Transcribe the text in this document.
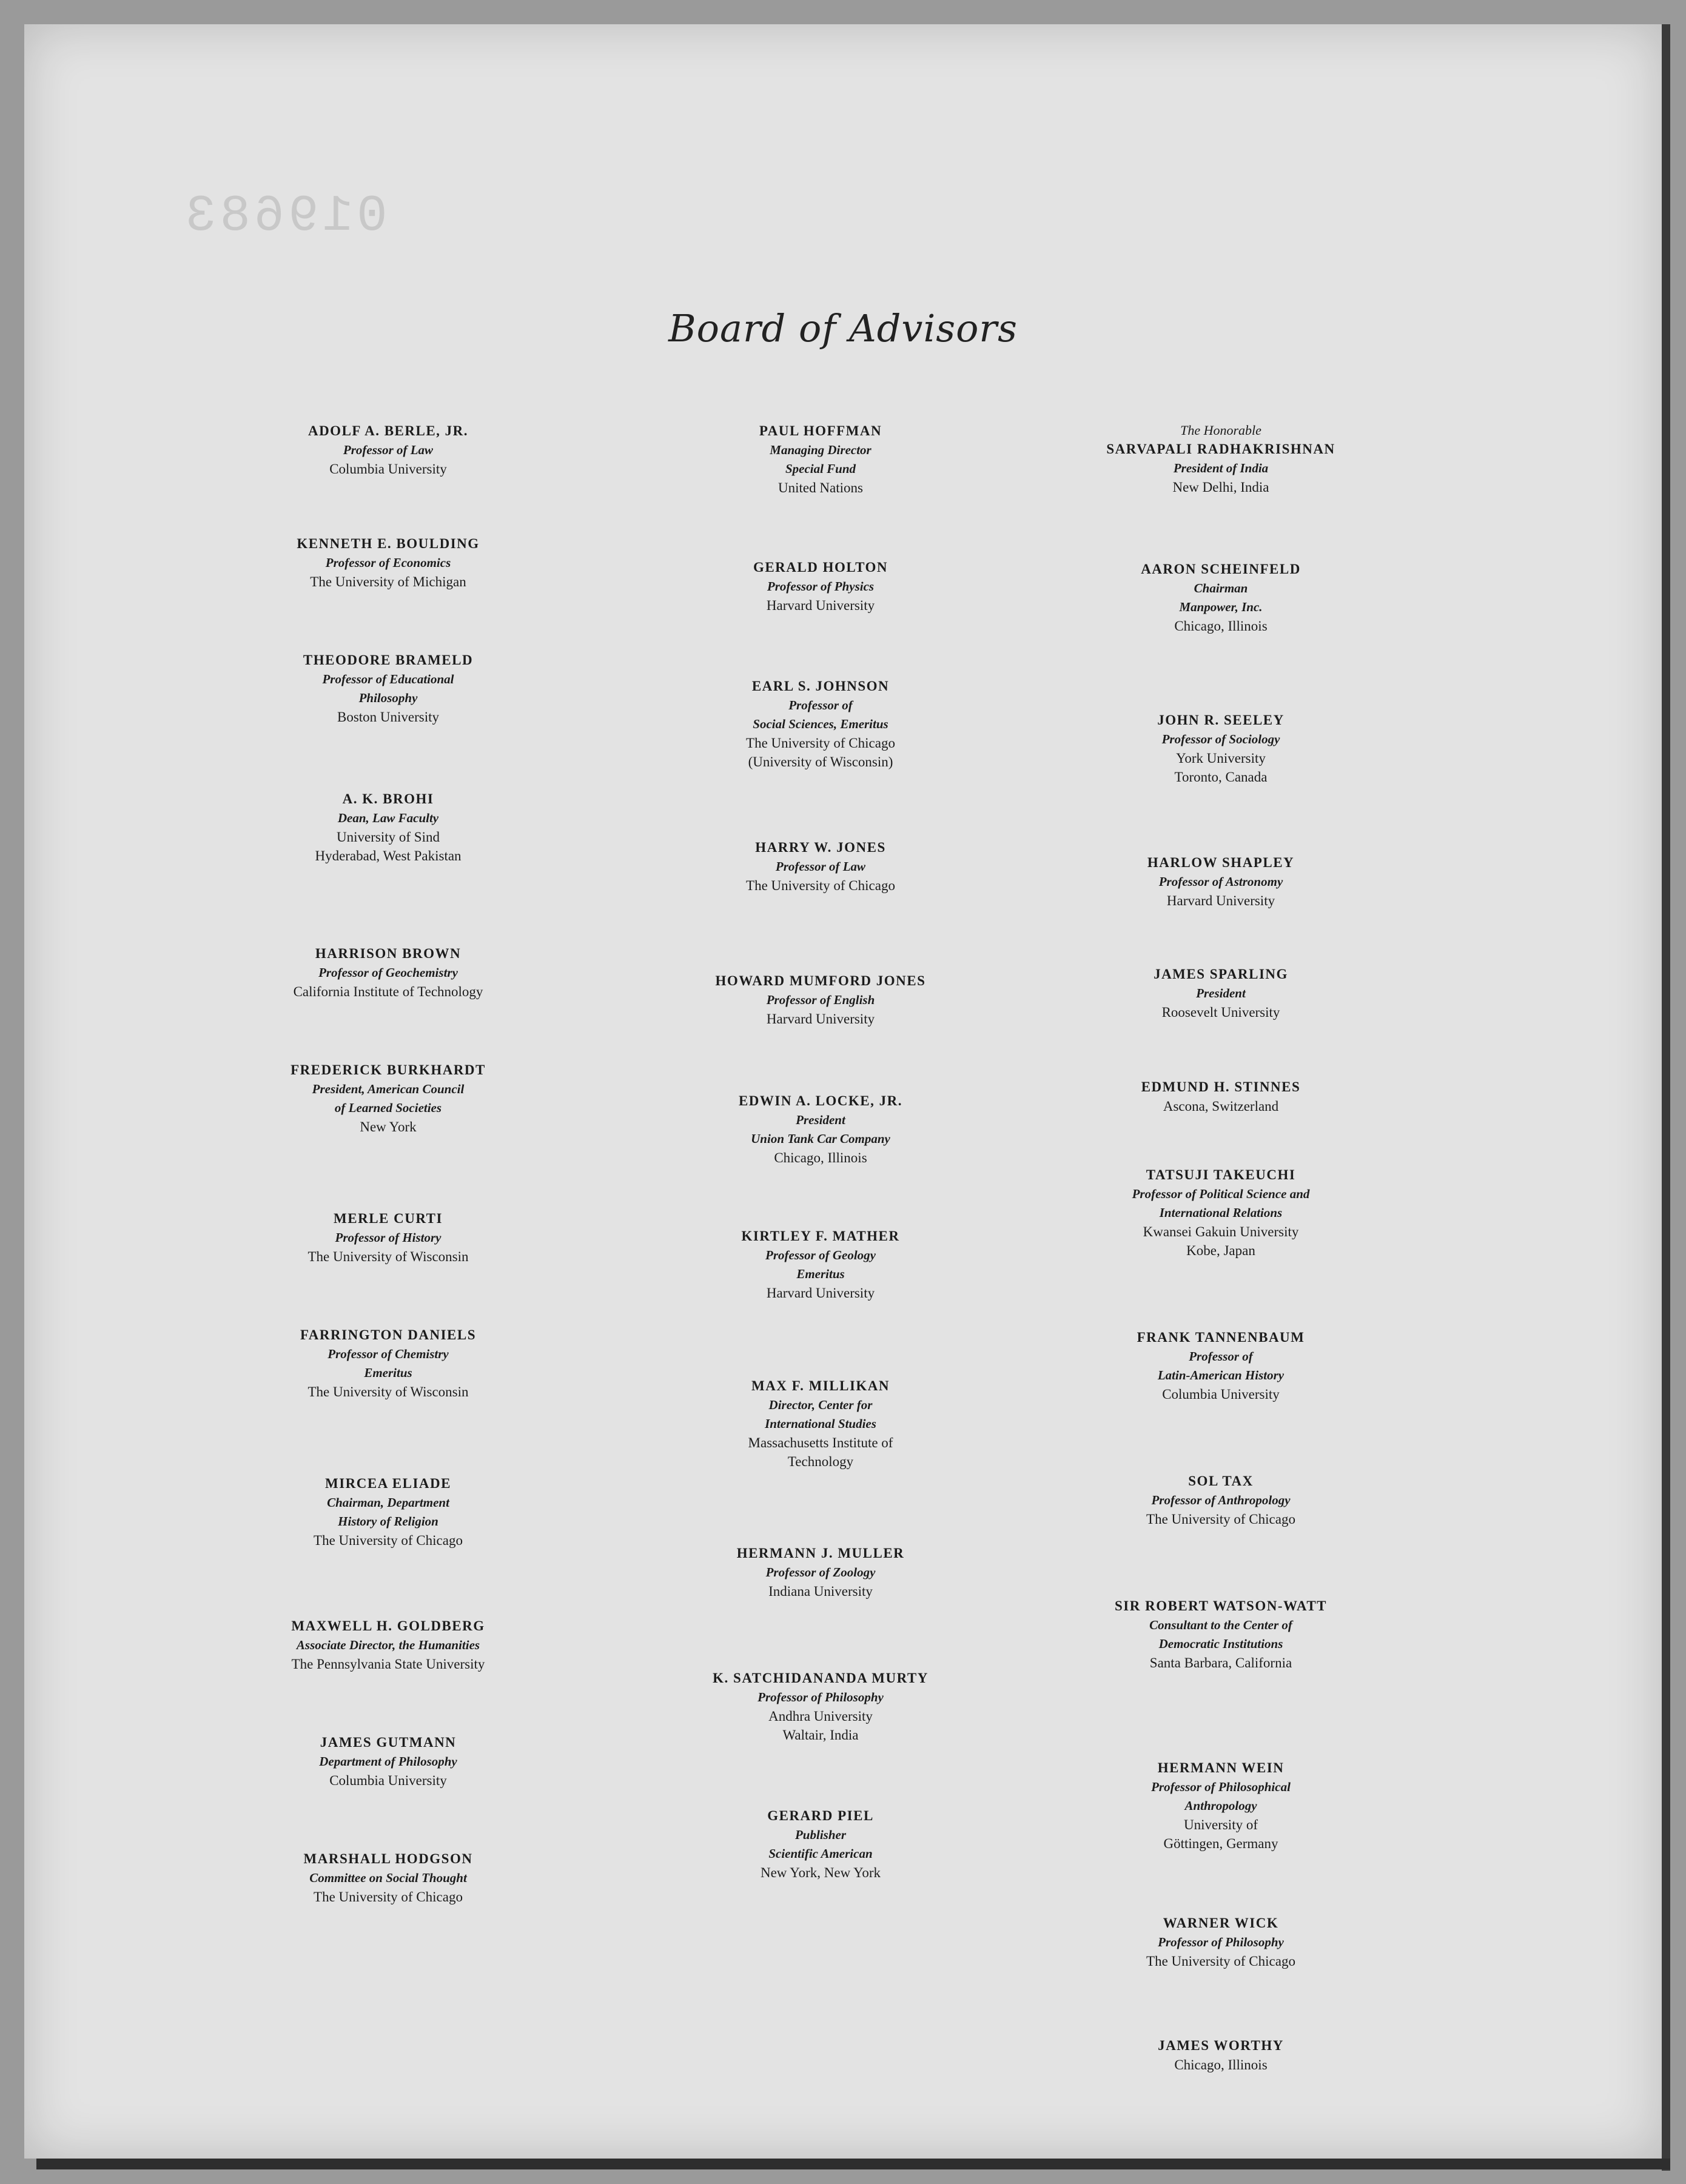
019683
Board of Advisors
ADOLF A. BERLE, JR.
Professor of Law
Columbia University
KENNETH E. BOULDING
Professor of Economics
The University of Michigan
THEODORE BRAMELD
Professor of Educational
Philosophy
Boston University
A. K. BROHI
Dean, Law Faculty
University of Sind
Hyderabad, West Pakistan
HARRISON BROWN
Professor of Geochemistry
California Institute of Technology
FREDERICK BURKHARDT
President, American Council
of Learned Societies
New York
MERLE CURTI
Professor of History
The University of Wisconsin
FARRINGTON DANIELS
Professor of Chemistry
Emeritus
The University of Wisconsin
MIRCEA ELIADE
Chairman, Department
History of Religion
The University of Chicago
MAXWELL H. GOLDBERG
Associate Director, the Humanities
The Pennsylvania State University
JAMES GUTMANN
Department of Philosophy
Columbia University
MARSHALL HODGSON
Committee on Social Thought
The University of Chicago
PAUL HOFFMAN
Managing Director
Special Fund
United Nations
GERALD HOLTON
Professor of Physics
Harvard University
EARL S. JOHNSON
Professor of
Social Sciences, Emeritus
The University of Chicago
(University of Wisconsin)
HARRY W. JONES
Professor of Law
The University of Chicago
HOWARD MUMFORD JONES
Professor of English
Harvard University
EDWIN A. LOCKE, JR.
President
Union Tank Car Company
Chicago, Illinois
KIRTLEY F. MATHER
Professor of Geology
Emeritus
Harvard University
MAX F. MILLIKAN
Director, Center for
International Studies
Massachusetts Institute of
Technology
HERMANN J. MULLER
Professor of Zoology
Indiana University
K. SATCHIDANANDA MURTY
Professor of Philosophy
Andhra University
Waltair, India
GERARD PIEL
Publisher
Scientific American
New York, New York
The Honorable
SARVAPALI RADHAKRISHNAN
President of India
New Delhi, India
AARON SCHEINFELD
Chairman
Manpower, Inc.
Chicago, Illinois
JOHN R. SEELEY
Professor of Sociology
York University
Toronto, Canada
HARLOW SHAPLEY
Professor of Astronomy
Harvard University
JAMES SPARLING
President
Roosevelt University
EDMUND H. STINNES
Ascona, Switzerland
TATSUJI TAKEUCHI
Professor of Political Science and
International Relations
Kwansei Gakuin University
Kobe, Japan
FRANK TANNENBAUM
Professor of
Latin-American History
Columbia University
SOL TAX
Professor of Anthropology
The University of Chicago
SIR ROBERT WATSON-WATT
Consultant to the Center of
Democratic Institutions
Santa Barbara, California
HERMANN WEIN
Professor of Philosophical
Anthropology
University of
Göttingen, Germany
WARNER WICK
Professor of Philosophy
The University of Chicago
JAMES WORTHY
Chicago, Illinois
